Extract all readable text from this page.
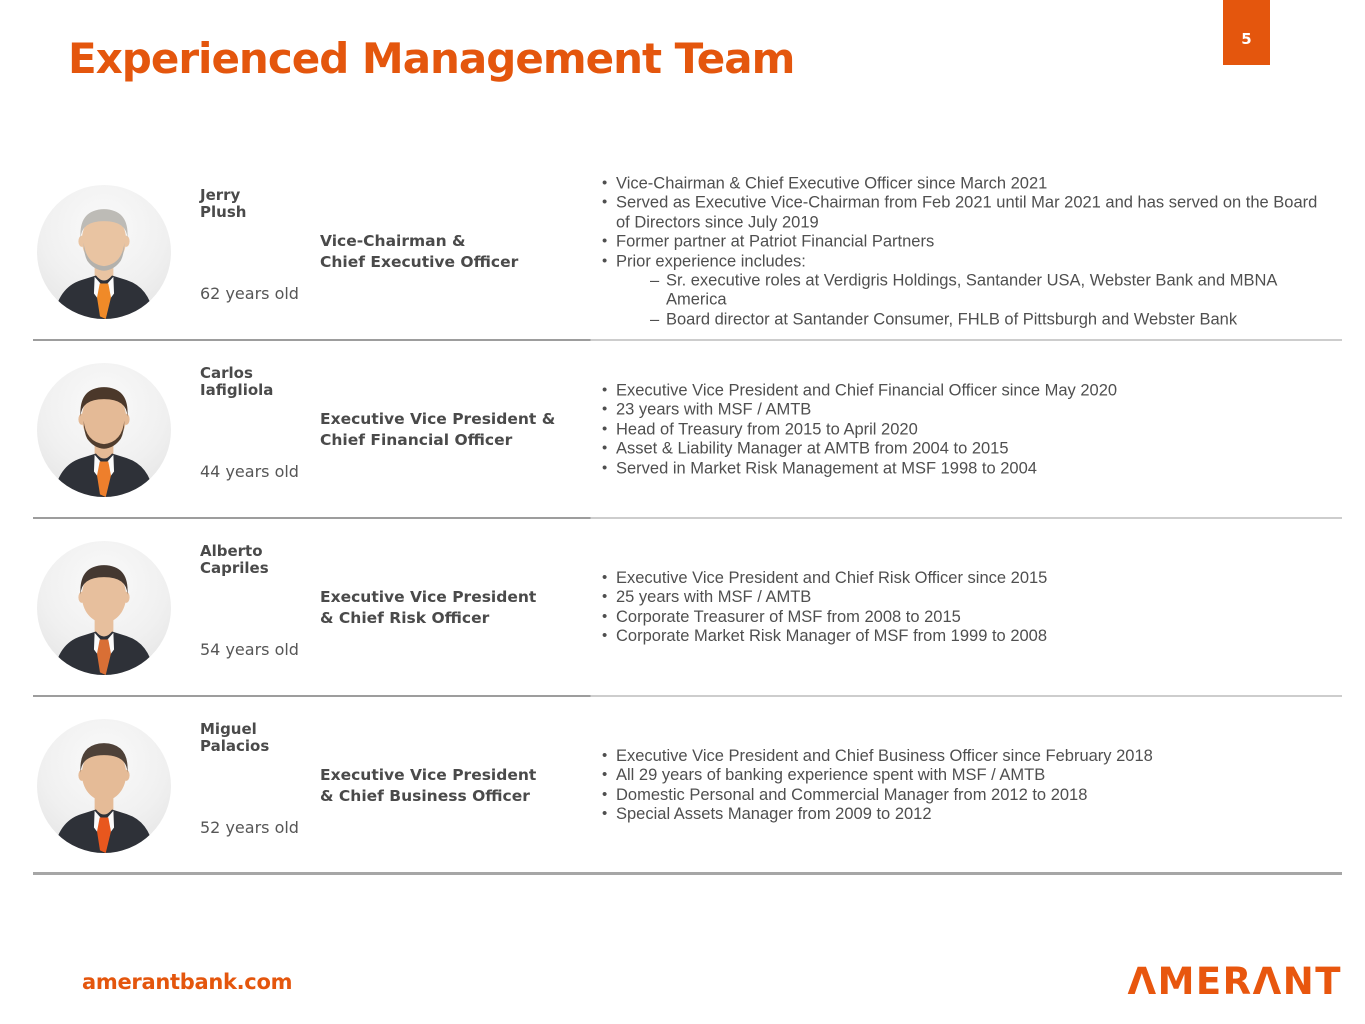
5
Experienced Management Team
Jerry
Plush
62 years old
Vice-Chairman &
Chief Executive Officer
• Vice-Chairman & Chief Executive Officer since March 2021
• Served as Executive Vice-Chairman from Feb 2021 until Mar 2021 and has served on the Board of Directors since July 2019
• Former partner at Patriot Financial Partners
• Prior experience includes:
– Sr. executive roles at Verdigris Holdings, Santander USA, Webster Bank and MBNA America
– Board director at Santander Consumer, FHLB of Pittsburgh and Webster Bank
Carlos
Iafigliola
44 years old
Executive Vice President &
Chief Financial Officer
• Executive Vice President and Chief Financial Officer since May 2020
• 23 years with MSF / AMTB
• Head of Treasury from 2015 to April 2020
• Asset & Liability Manager at AMTB from 2004 to 2015
• Served in Market Risk Management at MSF 1998 to 2004
Alberto
Capriles
54 years old
Executive Vice President
& Chief Risk Officer
• Executive Vice President and Chief Risk Officer since 2015
• 25 years with MSF / AMTB
• Corporate Treasurer of MSF from 2008 to 2015
• Corporate Market Risk Manager of MSF from 1999 to 2008
Miguel
Palacios
52 years old
Executive Vice President
& Chief Business Officer
• Executive Vice President and Chief Business Officer since February 2018
• All 29 years of banking experience spent with MSF / AMTB
• Domestic Personal and Commercial Manager from 2012 to 2018
• Special Assets Manager from 2009 to 2012
amerantbank.com	ΛMERΛNT
